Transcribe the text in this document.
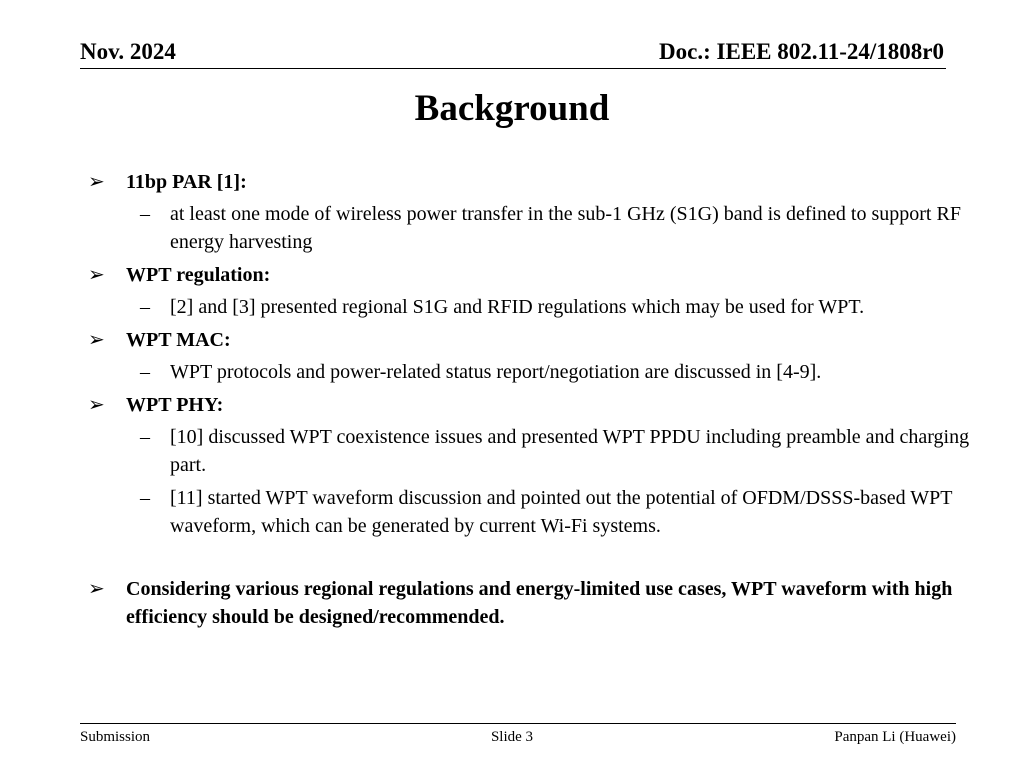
Nov. 2024	Doc.: IEEE 802.11-24/1808r0
Background
➢ 11bp PAR [1]:
– at least one mode of wireless power transfer in the sub-1 GHz (S1G) band is defined to support RF energy harvesting
➢ WPT regulation:
– [2] and [3] presented regional S1G and RFID regulations which may be used for WPT.
➢ WPT MAC:
– WPT protocols and power-related status report/negotiation are discussed in [4-9].
➢ WPT PHY:
– [10] discussed WPT coexistence issues and presented WPT PPDU including preamble and charging part.
– [11] started WPT waveform discussion and pointed out the potential of OFDM/DSSS-based WPT waveform, which can be generated by current Wi-Fi systems.
➢ Considering various regional regulations and energy-limited use cases, WPT waveform with high efficiency should be designed/recommended.
Submission	Slide 3	Panpan Li (Huawei)
